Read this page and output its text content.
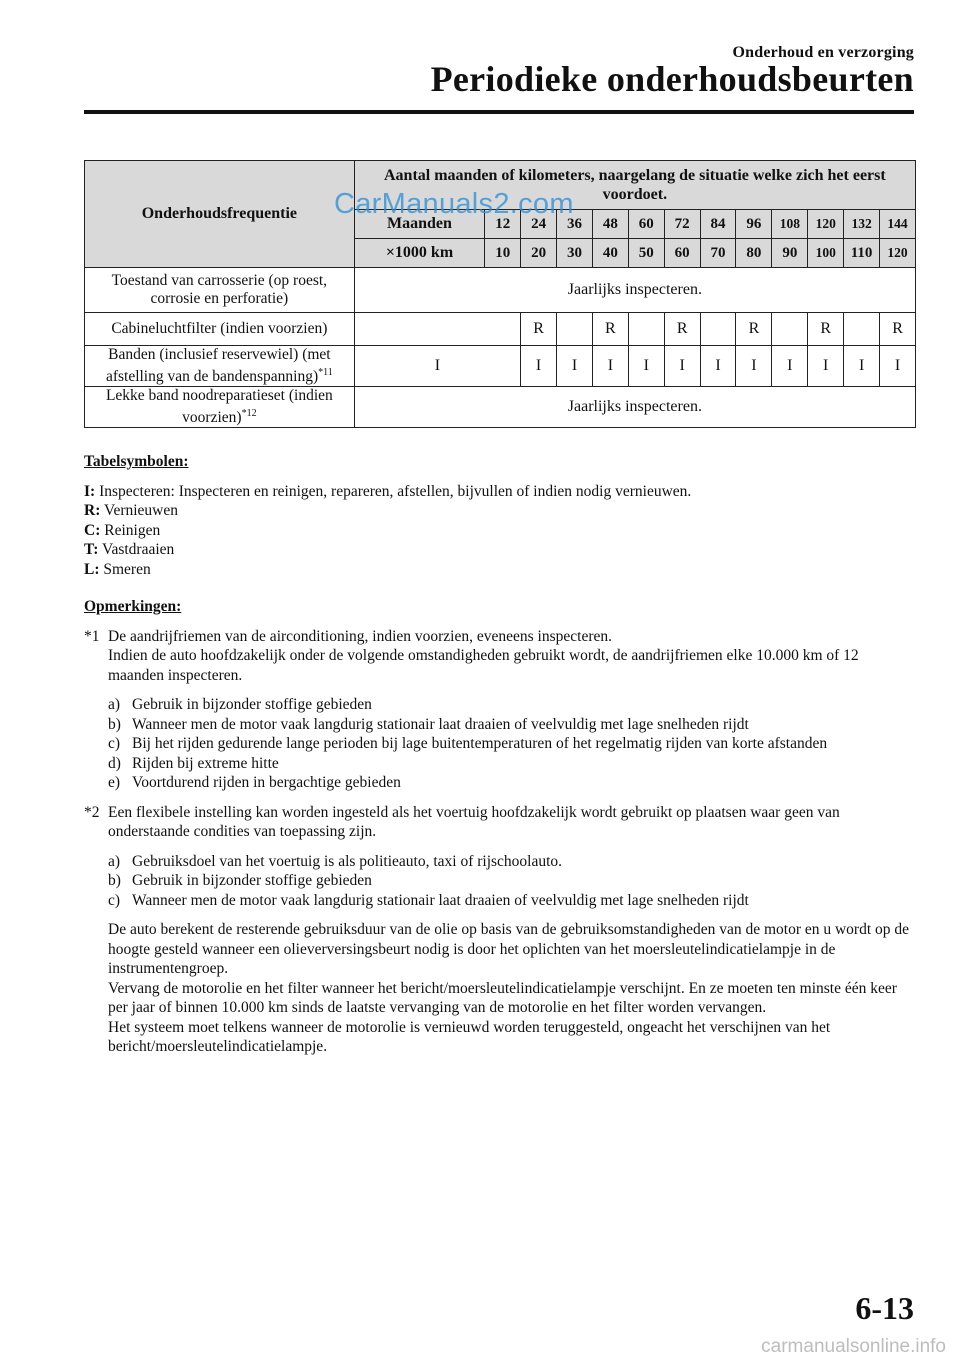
Onderhoud en verzorging
Periodieke onderhoudsbeurten
Onderhoudsfrequentie	Aantal maanden of kilometers, naargelang de situatie welke zich het eerst voordoet.												
	Maanden	12	24	36	48	60	72	84	96	108	120	132	144
	×1000 km	10	20	30	40	50	60	70	80	90	100	110	120
Toestand van carrosserie (op roest, corrosie en perforatie)	Jaarlijks inspecteren.												
Cabineluchtfilter (indien voorzien)			R		R		R		R		R		R
Banden (inclusief reservewiel) (met afstelling van de bandenspanning)$^{*11}$	I		I	I	I	I	I	I	I	I	I	I	I
Lekke band noodreparatieset (indien voorzien)$^{*12}$	Jaarlijks inspecteren.												
CarManuals2.com

Tabelsymbolen:

I: Inspecteren: Inspecteren en reinigen, repareren, afstellen, bijvullen of indien nodig vernieuwen.

R: Vernieuwen

C: Reinigen

T: Vastdraaien

L: Smeren

Opmerkingen:

*1 De aandrijfriemen van de airconditioning, indien voorzien, eveneens inspecteren.

Indien de auto hoofdzakelijk onder de volgende omstandigheden gebruikt wordt, de aandrijfriemen elke 10.000 km of 12 maanden inspecteren.

a) Gebruik in bijzonder stoffige gebieden

b) Wanneer men de motor vaak langdurig stationair laat draaien of veelvuldig met lage snelheden rijdt

c) Bij het rijden gedurende lange perioden bij lage buitentemperaturen of het regelmatig rijden van korte afstanden

d) Rijden bij extreme hitte

e) Voortdurend rijden in bergachtige gebieden

*2 Een flexibele instelling kan worden ingesteld als het voertuig hoofdzakelijk wordt gebruikt op plaatsen waar geen van onderstaande condities van toepassing zijn.

a) Gebruiksdoel van het voertuig is als politieauto, taxi of rijschoolauto.

b) Gebruik in bijzonder stoffige gebieden

c) Wanneer men de motor vaak langdurig stationair laat draaien of veelvuldig met lage snelheden rijdt

De auto berekent de resterende gebruiksduur van de olie op basis van de gebruiksomstandigheden van de motor en u wordt op de hoogte gesteld wanneer een olieverversingsbeurt nodig is door het oplichten van het moersleutelindicatielampje in de instrumentengroep.

Vervang de motorolie en het filter wanneer het bericht/moersleutelindicatielampje verschijnt. En ze moeten ten minste één keer per jaar of binnen 10.000 km sinds de laatste vervanging van de motorolie en het filter worden vervangen.

Het systeem moet telkens wanneer de motorolie is vernieuwd worden teruggesteld, ongeacht het verschijnen van het bericht/moersleutelindicatielampje.

6-13
carmanualsonline.info
